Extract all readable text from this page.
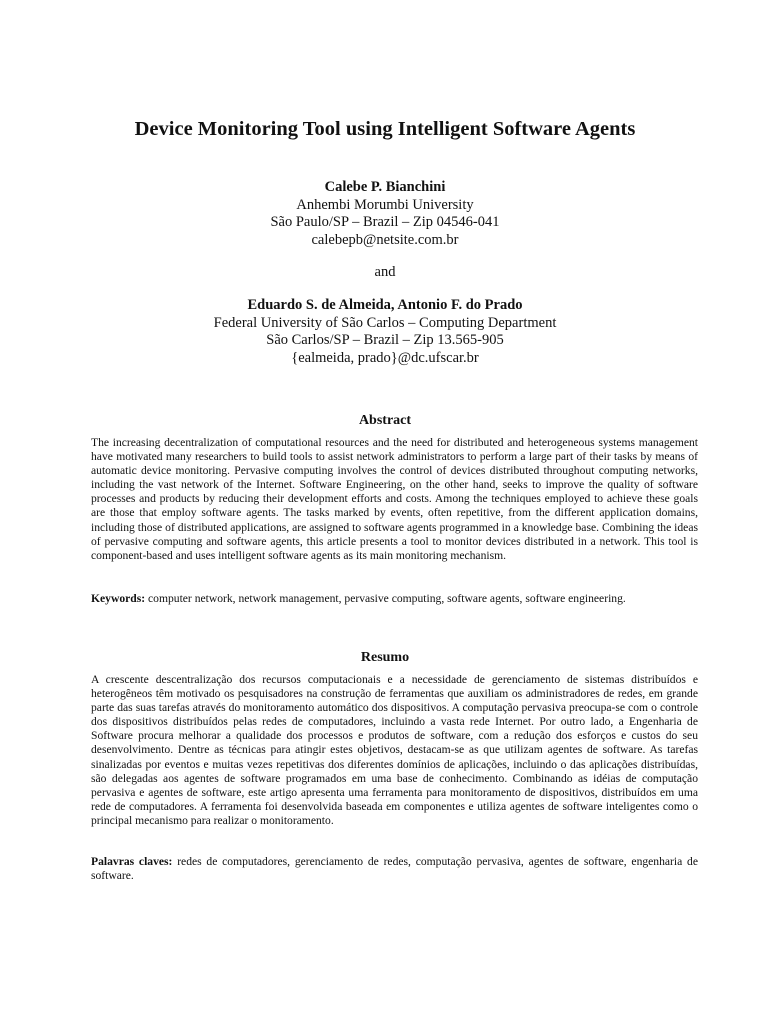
Device Monitoring Tool using Intelligent Software Agents
Calebe P. Bianchini
Anhembi Morumbi University
São Paulo/SP – Brazil – Zip 04546-041
calebepb@netsite.com.br
and
Eduardo S. de Almeida, Antonio F. do Prado
Federal University of São Carlos – Computing Department
São Carlos/SP – Brazil – Zip 13.565-905
{ealmeida, prado}@dc.ufscar.br
Abstract

The increasing decentralization of computational resources and the need for distributed and heterogeneous systems management have motivated many researchers to build tools to assist network administrators to perform a large part of their tasks by means of automatic device monitoring. Pervasive computing involves the control of devices distributed throughout computing networks, including the vast network of the Internet. Software Engineering, on the other hand, seeks to improve the quality of software processes and products by reducing their development efforts and costs. Among the techniques employed to achieve these goals are those that employ software agents. The tasks marked by events, often repetitive, from the different application domains, including those of distributed applications, are assigned to software agents programmed in a knowledge base. Combining the ideas of pervasive computing and software agents, this article presents a tool to monitor devices distributed in a network. This tool is component-based and uses intelligent software agents as its main monitoring mechanism.

Keywords: computer network, network management, pervasive computing, software agents, software engineering.

Resumo

A crescente descentralização dos recursos computacionais e a necessidade de gerenciamento de sistemas distribuídos e heterogêneos têm motivado os pesquisadores na construção de ferramentas que auxiliam os administradores de redes, em grande parte das suas tarefas através do monitoramento automático dos dispositivos. A computação pervasiva preocupa-se com o controle dos dispositivos distribuídos pelas redes de computadores, incluindo a vasta rede Internet. Por outro lado, a Engenharia de Software procura melhorar a qualidade dos processos e produtos de software, com a redução dos esforços e custos do seu desenvolvimento. Dentre as técnicas para atingir estes objetivos, destacam-se as que utilizam agentes de software. As tarefas sinalizadas por eventos e muitas vezes repetitivas dos diferentes domínios de aplicações, incluindo o das aplicações distribuídas, são delegadas aos agentes de software programados em uma base de conhecimento. Combinando as idéias de computação pervasiva e agentes de software, este artigo apresenta uma ferramenta para monitoramento de dispositivos, distribuídos em uma rede de computadores. A ferramenta foi desenvolvida baseada em componentes e utiliza agentes de software inteligentes como o principal mecanismo para realizar o monitoramento.

Palavras claves: redes de computadores, gerenciamento de redes, computação pervasiva, agentes de software, engenharia de software.
